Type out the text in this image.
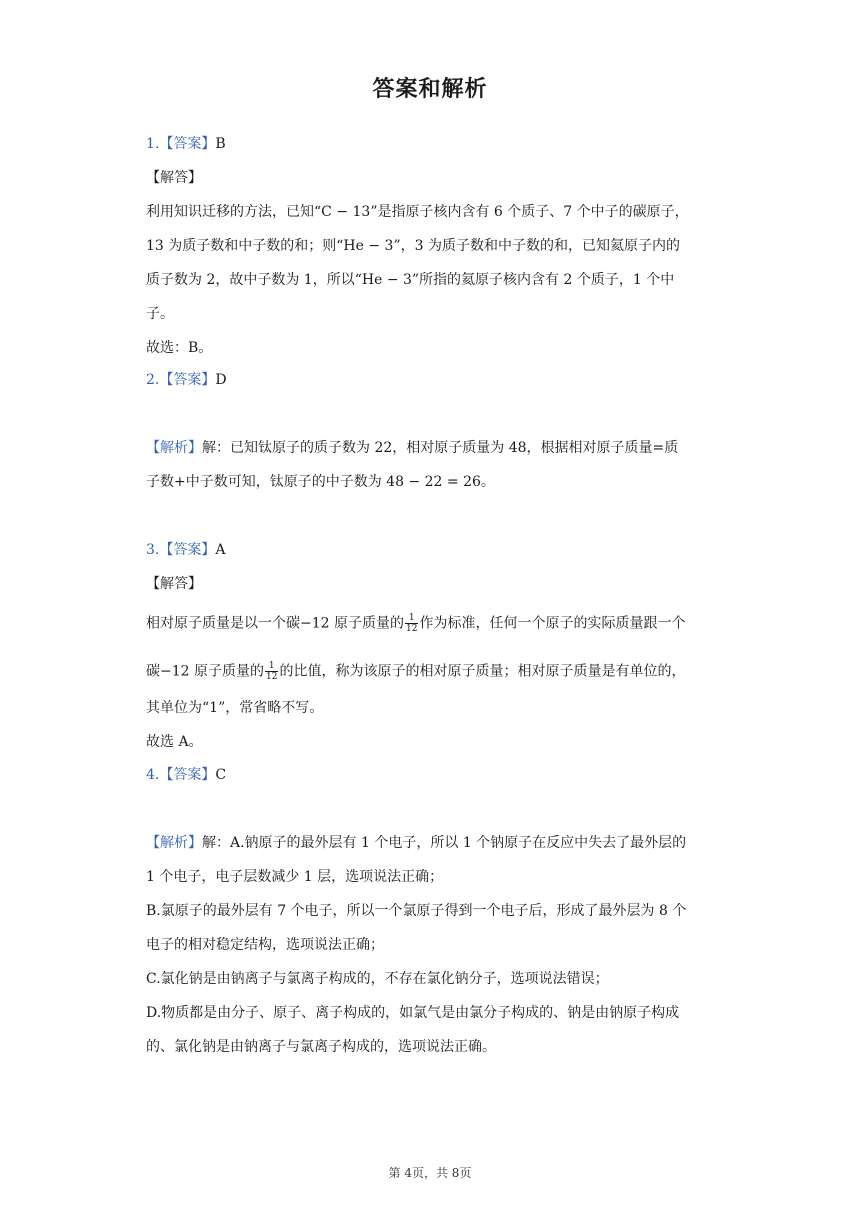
答案和解析
1.【答案】B
【解答】
利用知识迁移的方法，已知“C − 13”是指原子核内含有 6 个质子、7 个中子的碳原子，
13 为质子数和中子数的和；则“He − 3”，3 为质子数和中子数的和，已知氦原子内的
质子数为 2，故中子数为 1，所以“He − 3”所指的氦原子核内含有 2 个质子，1 个中
子。
故选：B。
2.【答案】D
【解析】解：已知钛原子的质子数为 22，相对原子质量为 48，根据相对原子质量=质
子数+中子数可知，钛原子的中子数为 48 − 22 = 26。
3.【答案】A
【解答】
相对原子质量是以一个碳−12 原子质量的 $\frac{1}{12}$ 作为标准，任何一个原子的实际质量跟一个
碳−12 原子质量的 $\frac{1}{12}$ 的比值，称为该原子的相对原子质量；相对原子质量是有单位的，
其单位为“1”，常省略不写。
故选 A。
4.【答案】C
【解析】解：A.钠原子的最外层有 1 个电子，所以 1 个钠原子在反应中失去了最外层的
1 个电子，电子层数减少 1 层，选项说法正确；
B.氯原子的最外层有 7 个电子，所以一个氯原子得到一个电子后，形成了最外层为 8 个
电子的相对稳定结构，选项说法正确；
C.氯化钠是由钠离子与氯离子构成的，不存在氯化钠分子，选项说法错误；
D.物质都是由分子、原子、离子构成的，如氯气是由氯分子构成的、钠是由钠原子构成
的、氯化钠是由钠离子与氯离子构成的，选项说法正确。
第 4页，共 8页
